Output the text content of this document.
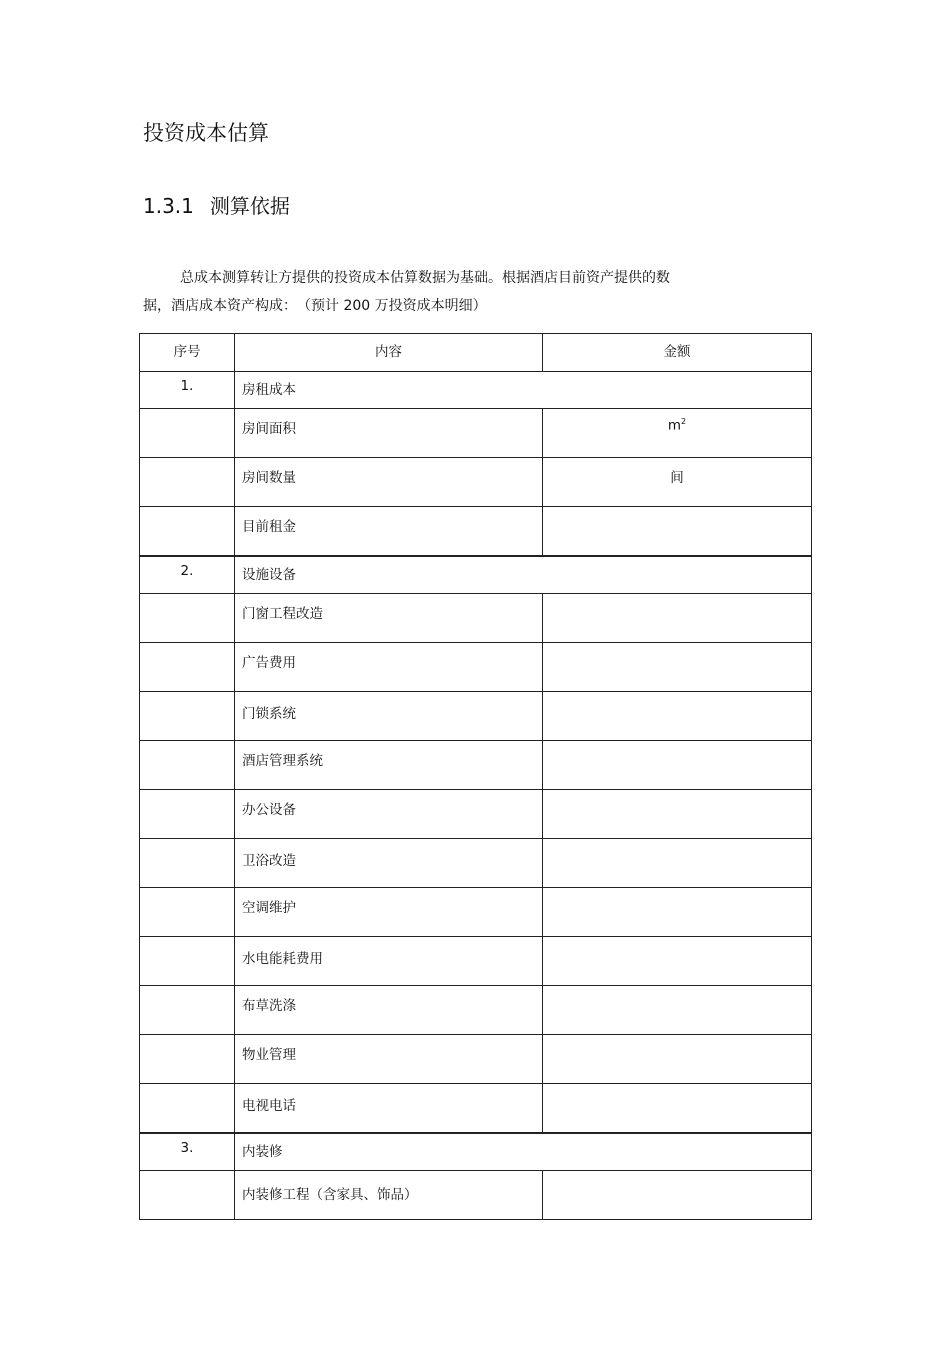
投资成本估算
1.3.1 测算依据

总成本测算转让方提供的投资成本估算数据为基础。根据酒店目前资产提供的数
据，酒店成本资产构成：　（预计 200 万投资成本明细）

序号	内容	金额
1.	房租成本	
	房间面积	$m^2$
	房间数量	间
	目前租金	
2.	设施设备	
	门窗工程改造	
	广告费用	
	门锁系统	
	酒店管理系统	
	办公设备	
	卫浴改造	
	空调维护	
	水电能耗费用	
	布草洗涤	
	物业管理	
	电视电话	
3.	内装修	
	内装修工程（含家具、饰品）	
